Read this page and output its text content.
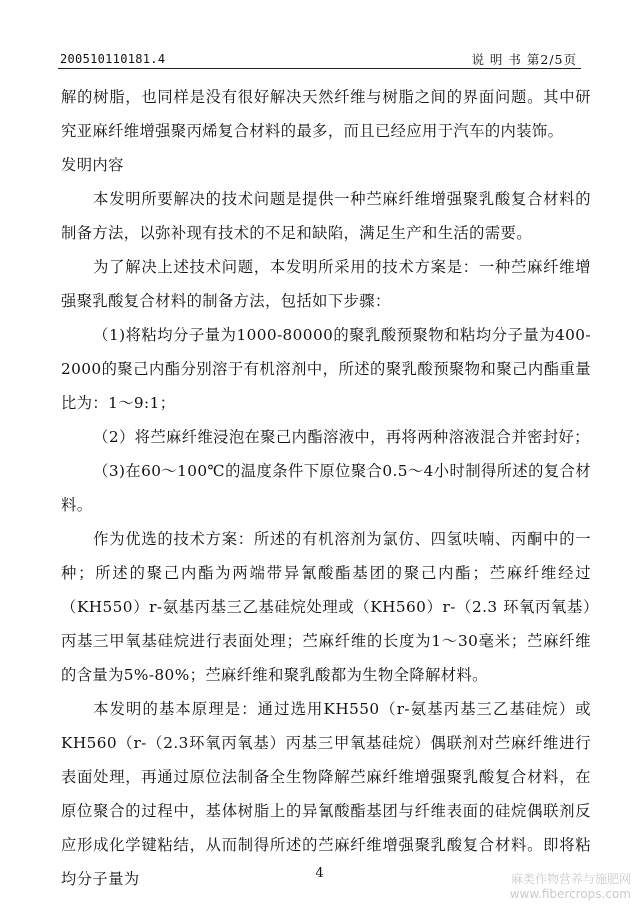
200510110181.4	说 明 书 第2/5页

解的树脂，也同样是没有很好解决天然纤维与树脂之间的界面问题。其中研究亚麻纤维增强聚丙烯复合材料的最多，而且已经应用于汽车的内装饰。

发明内容

本发明所要解决的技术问题是提供一种苎麻纤维增强聚乳酸复合材料的制备方法，以弥补现有技术的不足和缺陷，满足生产和生活的需要。

为了解决上述技术问题，本发明所采用的技术方案是：一种苎麻纤维增强聚乳酸复合材料的制备方法，包括如下步骤：

（1)将粘均分子量为1000-80000的聚乳酸预聚物和粘均分子量为400-2000的聚己内酯分别溶于有机溶剂中，所述的聚乳酸预聚物和聚己内酯重量比为：1～9:1；

（2）将苎麻纤维浸泡在聚己内酯溶液中，再将两种溶液混合并密封好；

（3)在60～100℃的温度条件下原位聚合0.5～4小时制得所述的复合材料。

作为优选的技术方案：所述的有机溶剂为氯仿、四氢呋喃、丙酮中的一种；所述的聚己内酯为两端带异氰酸酯基团的聚己内酯；苎麻纤维经过（KH550）r-氨基丙基三乙基硅烷处理或（KH560）r-（2.3 环氧丙氧基）丙基三甲氧基硅烷进行表面处理；苎麻纤维的长度为1～30毫米；苎麻纤维的含量为5%-80%；苎麻纤维和聚乳酸都为生物全降解材料。

本发明的基本原理是：通过选用KH550（r-氨基丙基三乙基硅烷）或KH560（r-（2.3环氧丙氧基）丙基三甲氧基硅烷）偶联剂对苎麻纤维进行表面处理，再通过原位法制备全生物降解苎麻纤维增强聚乳酸复合材料，在原位聚合的过程中，基体树脂上的异氰酸酯基团与纤维表面的硅烷偶联剂反应形成化学键粘结，从而制得所述的苎麻纤维增强聚乳酸复合材料。即将粘均分子量为	4	麻类作物营养与施肥网
www.fibercrops.com
